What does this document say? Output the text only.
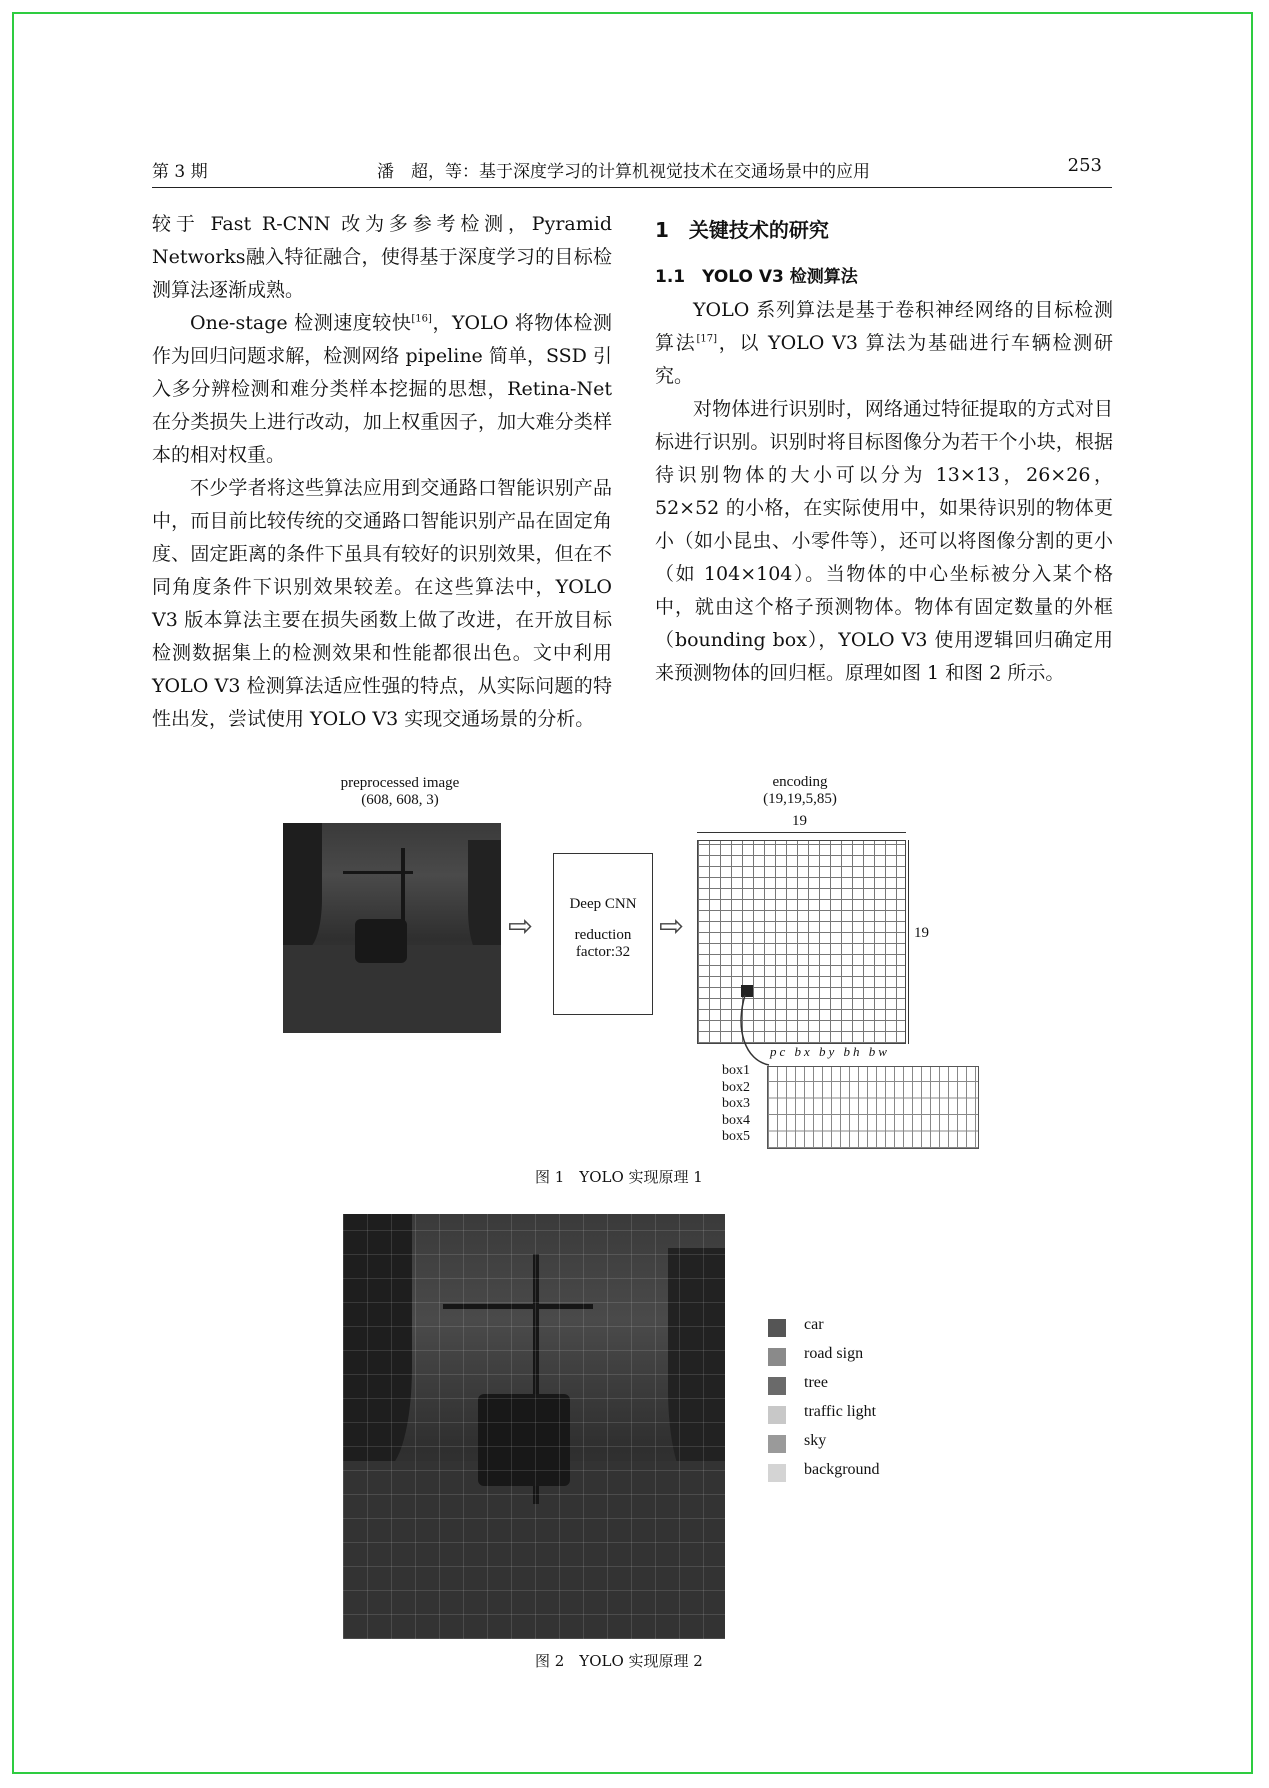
第 3 期	潘　超，等：基于深度学习的计算机视觉技术在交通场景中的应用	253

较于 Fast R-CNN 改为多参考检测，Pyramid Networks融入特征融合，使得基于深度学习的目标检测算法逐渐成熟。

One-stage 检测速度较快[16]，YOLO 将物体检测作为回归问题求解，检测网络 pipeline 简单，SSD 引入多分辨检测和难分类样本挖掘的思想，Retina-Net 在分类损失上进行改动，加上权重因子，加大难分类样本的相对权重。

不少学者将这些算法应用到交通路口智能识别产品中，而目前比较传统的交通路口智能识别产品在固定角度、固定距离的条件下虽具有较好的识别效果，但在不同角度条件下识别效果较差。在这些算法中，YOLO V3 版本算法主要在损失函数上做了改进，在开放目标检测数据集上的检测效果和性能都很出色。文中利用 YOLO V3 检测算法适应性强的特点，从实际问题的特性出发，尝试使用 YOLO V3 实现交通场景的分析。

1　关键技术的研究

1.1　YOLO V3 检测算法

YOLO 系列算法是基于卷积神经网络的目标检测算法[17]，以 YOLO V3 算法为基础进行车辆检测研究。

对物体进行识别时，网络通过特征提取的方式对目标进行识别。识别时将目标图像分为若干个小块，根据待识别物体的大小可以分为 13×13，26×26，52×52 的小格，在实际使用中，如果待识别的物体更小（如小昆虫、小零件等），还可以将图像分割的更小（如 104×104）。当物体的中心坐标被分入某个格中，就由这个格子预测物体。物体有固定数量的外框（bounding box），YOLO V3 使用逻辑回归确定用来预测物体的回归框。原理如图 1 和图 2 所示。

preprocessed image
(608, 608, 3)
⇨
Deep CNN
reduction
factor:32
⇨
encoding
(19,19,5,85)
19
19
pc bx by bh bw
box1
box2
box3
box4
box5
图 1　YOLO 实现原理 1
car
road sign
tree
traffic light
sky
background
图 2　YOLO 实现原理 2
